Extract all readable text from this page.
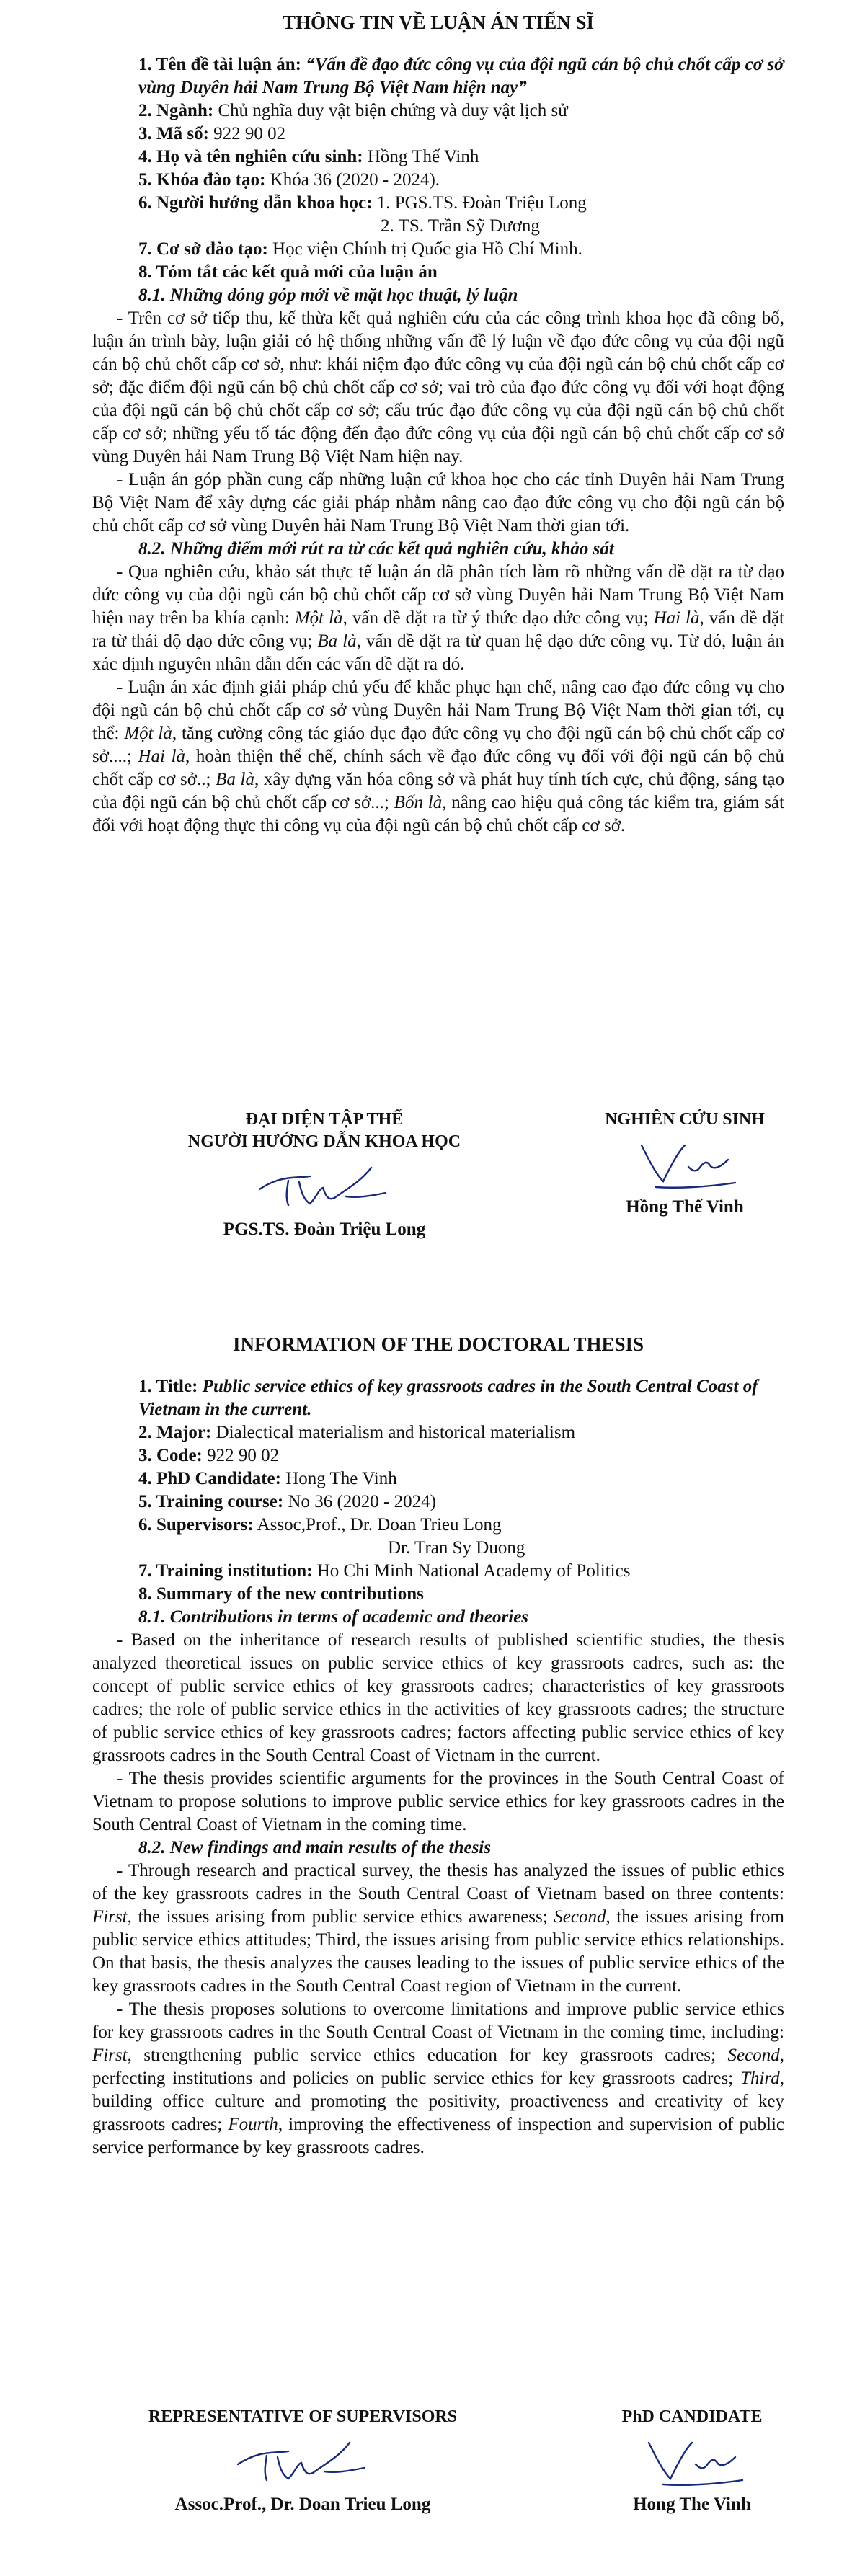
THÔNG TIN VỀ LUẬN ÁN TIẾN SĨ

1. Tên đề tài luận án: “Vấn đề đạo đức công vụ của đội ngũ cán bộ chủ chốt cấp cơ sở vùng Duyên hải Nam Trung Bộ Việt Nam hiện nay”

2. Ngành: Chủ nghĩa duy vật biện chứng và duy vật lịch sử

3. Mã số: 922 90 02

4. Họ và tên nghiên cứu sinh: Hồng Thế Vinh

5. Khóa đào tạo: Khóa 36 (2020 - 2024).

6. Người hướng dẫn khoa học: 1. PGS.TS. Đoàn Triệu Long

2. TS. Trần Sỹ Dương

7. Cơ sở đào tạo: Học viện Chính trị Quốc gia Hồ Chí Minh.

8. Tóm tắt các kết quả mới của luận án

8.1. Những đóng góp mới về mặt học thuật, lý luận

- Trên cơ sở tiếp thu, kế thừa kết quả nghiên cứu của các công trình khoa học đã công bố, luận án trình bày, luận giải có hệ thống những vấn đề lý luận về đạo đức công vụ của đội ngũ cán bộ chủ chốt cấp cơ sở, như: khái niệm đạo đức công vụ của đội ngũ cán bộ chủ chốt cấp cơ sở; đặc điểm đội ngũ cán bộ chủ chốt cấp cơ sở; vai trò của đạo đức công vụ đối với hoạt động của đội ngũ cán bộ chủ chốt cấp cơ sở; cấu trúc đạo đức công vụ của đội ngũ cán bộ chủ chốt cấp cơ sở; những yếu tố tác động đến đạo đức công vụ của đội ngũ cán bộ chủ chốt cấp cơ sở vùng Duyên hải Nam Trung Bộ Việt Nam hiện nay.

- Luận án góp phần cung cấp những luận cứ khoa học cho các tỉnh Duyên hải Nam Trung Bộ Việt Nam để xây dựng các giải pháp nhằm nâng cao đạo đức công vụ cho đội ngũ cán bộ chủ chốt cấp cơ sở vùng Duyên hải Nam Trung Bộ Việt Nam thời gian tới.

8.2. Những điểm mới rút ra từ các kết quả nghiên cứu, khảo sát

- Qua nghiên cứu, khảo sát thực tế luận án đã phân tích làm rõ những vấn đề đặt ra từ đạo đức công vụ của đội ngũ cán bộ chủ chốt cấp cơ sở vùng Duyên hải Nam Trung Bộ Việt Nam hiện nay trên ba khía cạnh: Một là, vấn đề đặt ra từ ý thức đạo đức công vụ; Hai là, vấn đề đặt ra từ thái độ đạo đức công vụ; Ba là, vấn đề đặt ra từ quan hệ đạo đức công vụ. Từ đó, luận án xác định nguyên nhân dẫn đến các vấn đề đặt ra đó.

- Luận án xác định giải pháp chủ yếu để khắc phục hạn chế, nâng cao đạo đức công vụ cho đội ngũ cán bộ chủ chốt cấp cơ sở vùng Duyên hải Nam Trung Bộ Việt Nam thời gian tới, cụ thể: Một là, tăng cường công tác giáo dục đạo đức công vụ cho đội ngũ cán bộ chủ chốt cấp cơ sở....; Hai là, hoàn thiện thể chế, chính sách về đạo đức công vụ đối với đội ngũ cán bộ chủ chốt cấp cơ sở..; Ba là, xây dựng văn hóa công sở và phát huy tính tích cực, chủ động, sáng tạo của đội ngũ cán bộ chủ chốt cấp cơ sở...; Bốn là, nâng cao hiệu quả công tác kiểm tra, giám sát đối với hoạt động thực thi công vụ của đội ngũ cán bộ chủ chốt cấp cơ sở.

ĐẠI DIỆN TẬP THỂ

NGƯỜI HƯỚNG DẪN KHOA HỌC

PGS.TS. Đoàn Triệu Long

NGHIÊN CỨU SINH

Hồng Thế Vinh

INFORMATION OF THE DOCTORAL THESIS

1. Title: Public service ethics of key grassroots cadres in the South Central Coast of Vietnam in the current.

2. Major: Dialectical materialism and historical materialism

3. Code: 922 90 02

4. PhD Candidate: Hong The Vinh

5. Training course: No 36 (2020 - 2024)

6. Supervisors: Assoc,Prof., Dr. Doan Trieu Long

Dr. Tran Sy Duong

7. Training institution: Ho Chi Minh National Academy of Politics

8. Summary of the new contributions

8.1. Contributions in terms of academic and theories

- Based on the inheritance of research results of published scientific studies, the thesis analyzed theoretical issues on public service ethics of key grassroots cadres, such as: the concept of public service ethics of key grassroots cadres; characteristics of key grassroots cadres; the role of public service ethics in the activities of key grassroots cadres; the structure of public service ethics of key grassroots cadres; factors affecting public service ethics of key grassroots cadres in the South Central Coast of Vietnam in the current.

- The thesis provides scientific arguments for the provinces in the South Central Coast of Vietnam to propose solutions to improve public service ethics for key grassroots cadres in the South Central Coast of Vietnam in the coming time.

8.2. New findings and main results of the thesis

- Through research and practical survey, the thesis has analyzed the issues of public ethics of the key grassroots cadres in the South Central Coast of Vietnam based on three contents: First, the issues arising from public service ethics awareness; Second, the issues arising from public service ethics attitudes; Third, the issues arising from public service ethics relationships. On that basis, the thesis analyzes the causes leading to the issues of public service ethics of the key grassroots cadres in the South Central Coast region of Vietnam in the current.

- The thesis proposes solutions to overcome limitations and improve public service ethics for key grassroots cadres in the South Central Coast of Vietnam in the coming time, including: First, strengthening public service ethics education for key grassroots cadres; Second, perfecting institutions and policies on public service ethics for key grassroots cadres; Third, building office culture and promoting the positivity, proactiveness and creativity of key grassroots cadres; Fourth, improving the effectiveness of inspection and supervision of public service performance by key grassroots cadres.

REPRESENTATIVE OF SUPERVISORS

Assoc.Prof., Dr. Doan Trieu Long

PhD CANDIDATE

Hong The Vinh
